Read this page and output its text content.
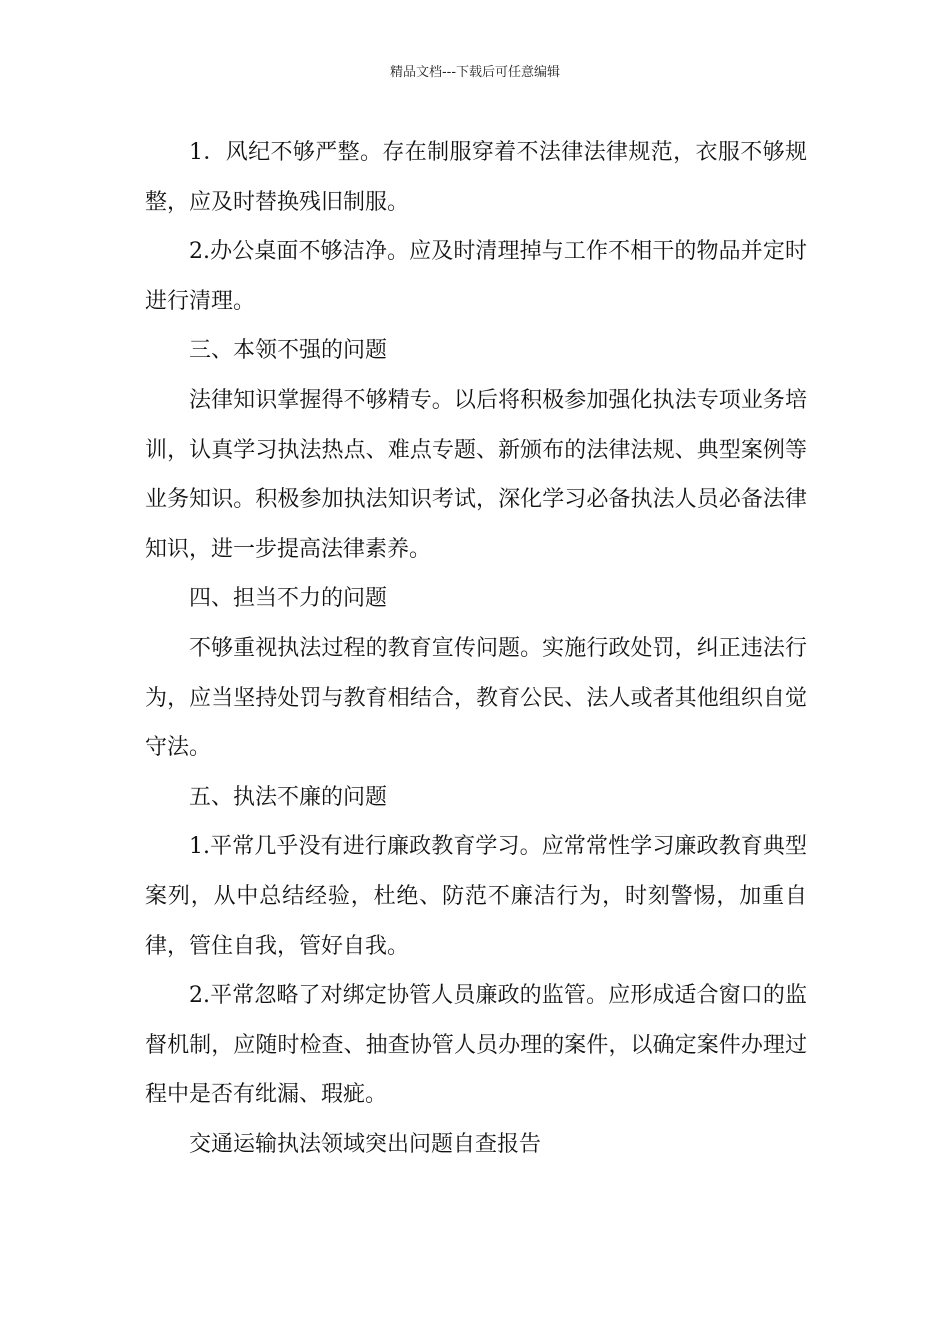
精品文档---下载后可任意编辑

1．风纪不够严整。存在制服穿着不法律法律规范，衣服不够规整，应及时替换残旧制服。

2.办公桌面不够洁净。应及时清理掉与工作不相干的物品并定时进行清理。

三、本领不强的问题

法律知识掌握得不够精专。以后将积极参加强化执法专项业务培训，认真学习执法热点、难点专题、新颁布的法律法规、典型案例等业务知识。积极参加执法知识考试，深化学习必备执法人员必备法律知识，进一步提高法律素养。

四、担当不力的问题

不够重视执法过程的教育宣传问题。实施行政处罚，纠正违法行为，应当坚持处罚与教育相结合，教育公民、法人或者其他组织自觉守法。

五、执法不廉的问题

1.平常几乎没有进行廉政教育学习。应常常性学习廉政教育典型案列，从中总结经验，杜绝、防范不廉洁行为，时刻警惕，加重自律，管住自我，管好自我。

2.平常忽略了对绑定协管人员廉政的监管。应形成适合窗口的监督机制，应随时检查、抽查协管人员办理的案件，以确定案件办理过程中是否有纰漏、瑕疵。

交通运输执法领域突出问题自查报告
